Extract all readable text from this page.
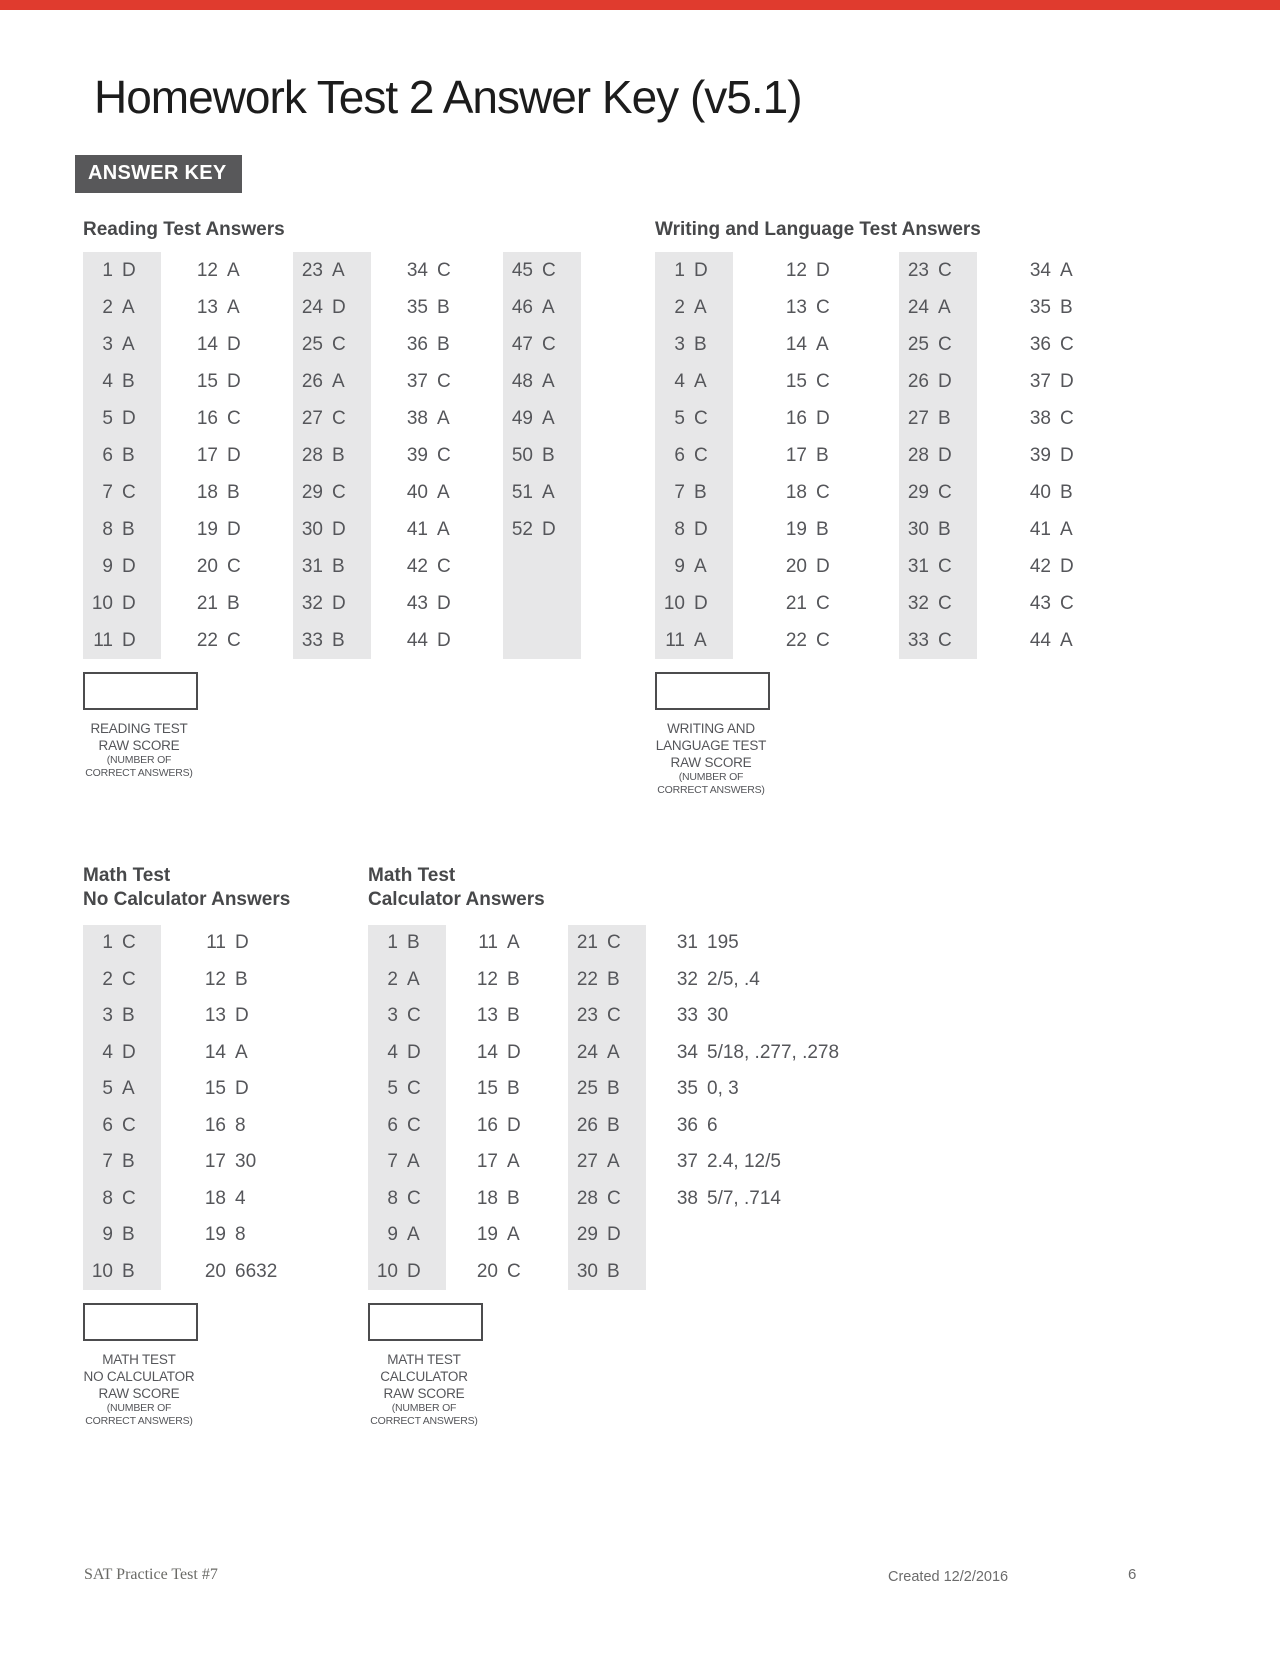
Homework Test 2 Answer Key (v5.1)
ANSWER KEY
Reading Test Answers
1 D
2 A
3 A
4 B
5 D
6 B
7 C
8 B
9 D
10 D
11 D
12 A
13 A
14 D
15 D
16 C
17 D
18 B
19 D
20 C
21 B
22 C
23 A
24 D
25 C
26 A
27 C
28 B
29 C
30 D
31 B
32 D
33 B
34 C
35 B
36 B
37 C
38 A
39 C
40 A
41 A
42 C
43 D
44 D
45 C
46 A
47 C
48 A
49 A
50 B
51 A
52 D
READING TEST
RAW SCORE
(NUMBER OF
CORRECT ANSWERS)
Writing and Language Test Answers
1 D
2 A
3 B
4 A
5 C
6 C
7 B
8 D
9 A
10 D
11 A
12 D
13 C
14 A
15 C
16 D
17 B
18 C
19 B
20 D
21 C
22 C
23 C
24 A
25 C
26 D
27 B
28 D
29 C
30 B
31 C
32 C
33 C
34 A
35 B
36 C
37 D
38 C
39 D
40 B
41 A
42 D
43 C
44 A
WRITING AND
LANGUAGE TEST
RAW SCORE
(NUMBER OF
CORRECT ANSWERS)
Math Test
No Calculator Answers
1 C
2 C
3 B
4 D
5 A
6 C
7 B
8 C
9 B
10 B
11 D
12 B
13 D
14 A
15 D
16 8
17 30
18 4
19 8
20 6632
MATH TEST
NO CALCULATOR
RAW SCORE
(NUMBER OF
CORRECT ANSWERS)
Math Test
Calculator Answers
1 B
2 A
3 C
4 D
5 C
6 C
7 A
8 C
9 A
10 D
11 A
12 B
13 B
14 D
15 B
16 D
17 A
18 B
19 A
20 C
21 C
22 B
23 C
24 A
25 B
26 B
27 A
28 C
29 D
30 B
31 195
32 2/5, .4
33 30
34 5/18, .277, .278
35 0, 3
36 6
37 2.4, 12/5
38 5/7, .714
MATH TEST
CALCULATOR
RAW SCORE
(NUMBER OF
CORRECT ANSWERS)
SAT Practice Test #7	Created 12/2/2016	6
